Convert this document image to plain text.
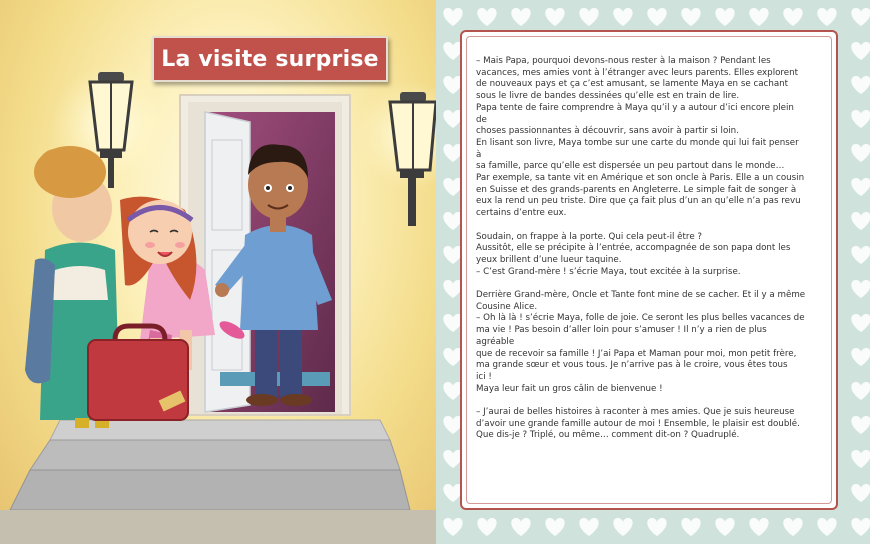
La visite surprise	– Mais Papa, pourquoi devons-nous rester à la maison ? Pendant les
vacances, mes amies vont à l’étranger avec leurs parents. Elles explorent
de nouveaux pays et ça c’est amusant, se lamente Maya en se cachant
sous le livre de bandes dessinées qu’elle est en train de lire.
Papa tente de faire comprendre à Maya qu’il y a autour d’ici encore plein de
choses passionnantes à découvrir, sans avoir à partir si loin.
En lisant son livre, Maya tombe sur une carte du monde qui lui fait penser à
sa famille, parce qu’elle est dispersée un peu partout dans le monde…
Par exemple, sa tante vit en Amérique et son oncle à Paris. Elle a un cousin
en Suisse et des grands-parents en Angleterre. Le simple fait de songer à
eux la rend un peu triste. Dire que ça fait plus d’un an qu’elle n’a pas revu
certains d’entre eux.

Soudain, on frappe à la porte. Qui cela peut-il être ?
Aussitôt, elle se précipite à l’entrée, accompagnée de son papa dont les
yeux brillent d’une lueur taquine.
– C’est Grand-mère ! s’écrie Maya, tout excitée à la surprise.

Derrière Grand-mère, Oncle et Tante font mine de se cacher. Et il y a même
Cousine Alice.
– Oh là là ! s’écrie Maya, folle de joie. Ce seront les plus belles vacances de
ma vie ! Pas besoin d’aller loin pour s’amuser ! Il n’y a rien de plus agréable
que de recevoir sa famille ! J’ai Papa et Maman pour moi, mon petit frère,
ma grande sœur et vous tous. Je n’arrive pas à le croire, vous êtes tous
ici !
Maya leur fait un gros câlin de bienvenue !

– J’aurai de belles histoires à raconter à mes amies. Que je suis heureuse
d’avoir une grande famille autour de moi ! Ensemble, le plaisir est doublé.
Que dis-je ? Triplé, ou même… comment dit-on ? Quadruplé.
